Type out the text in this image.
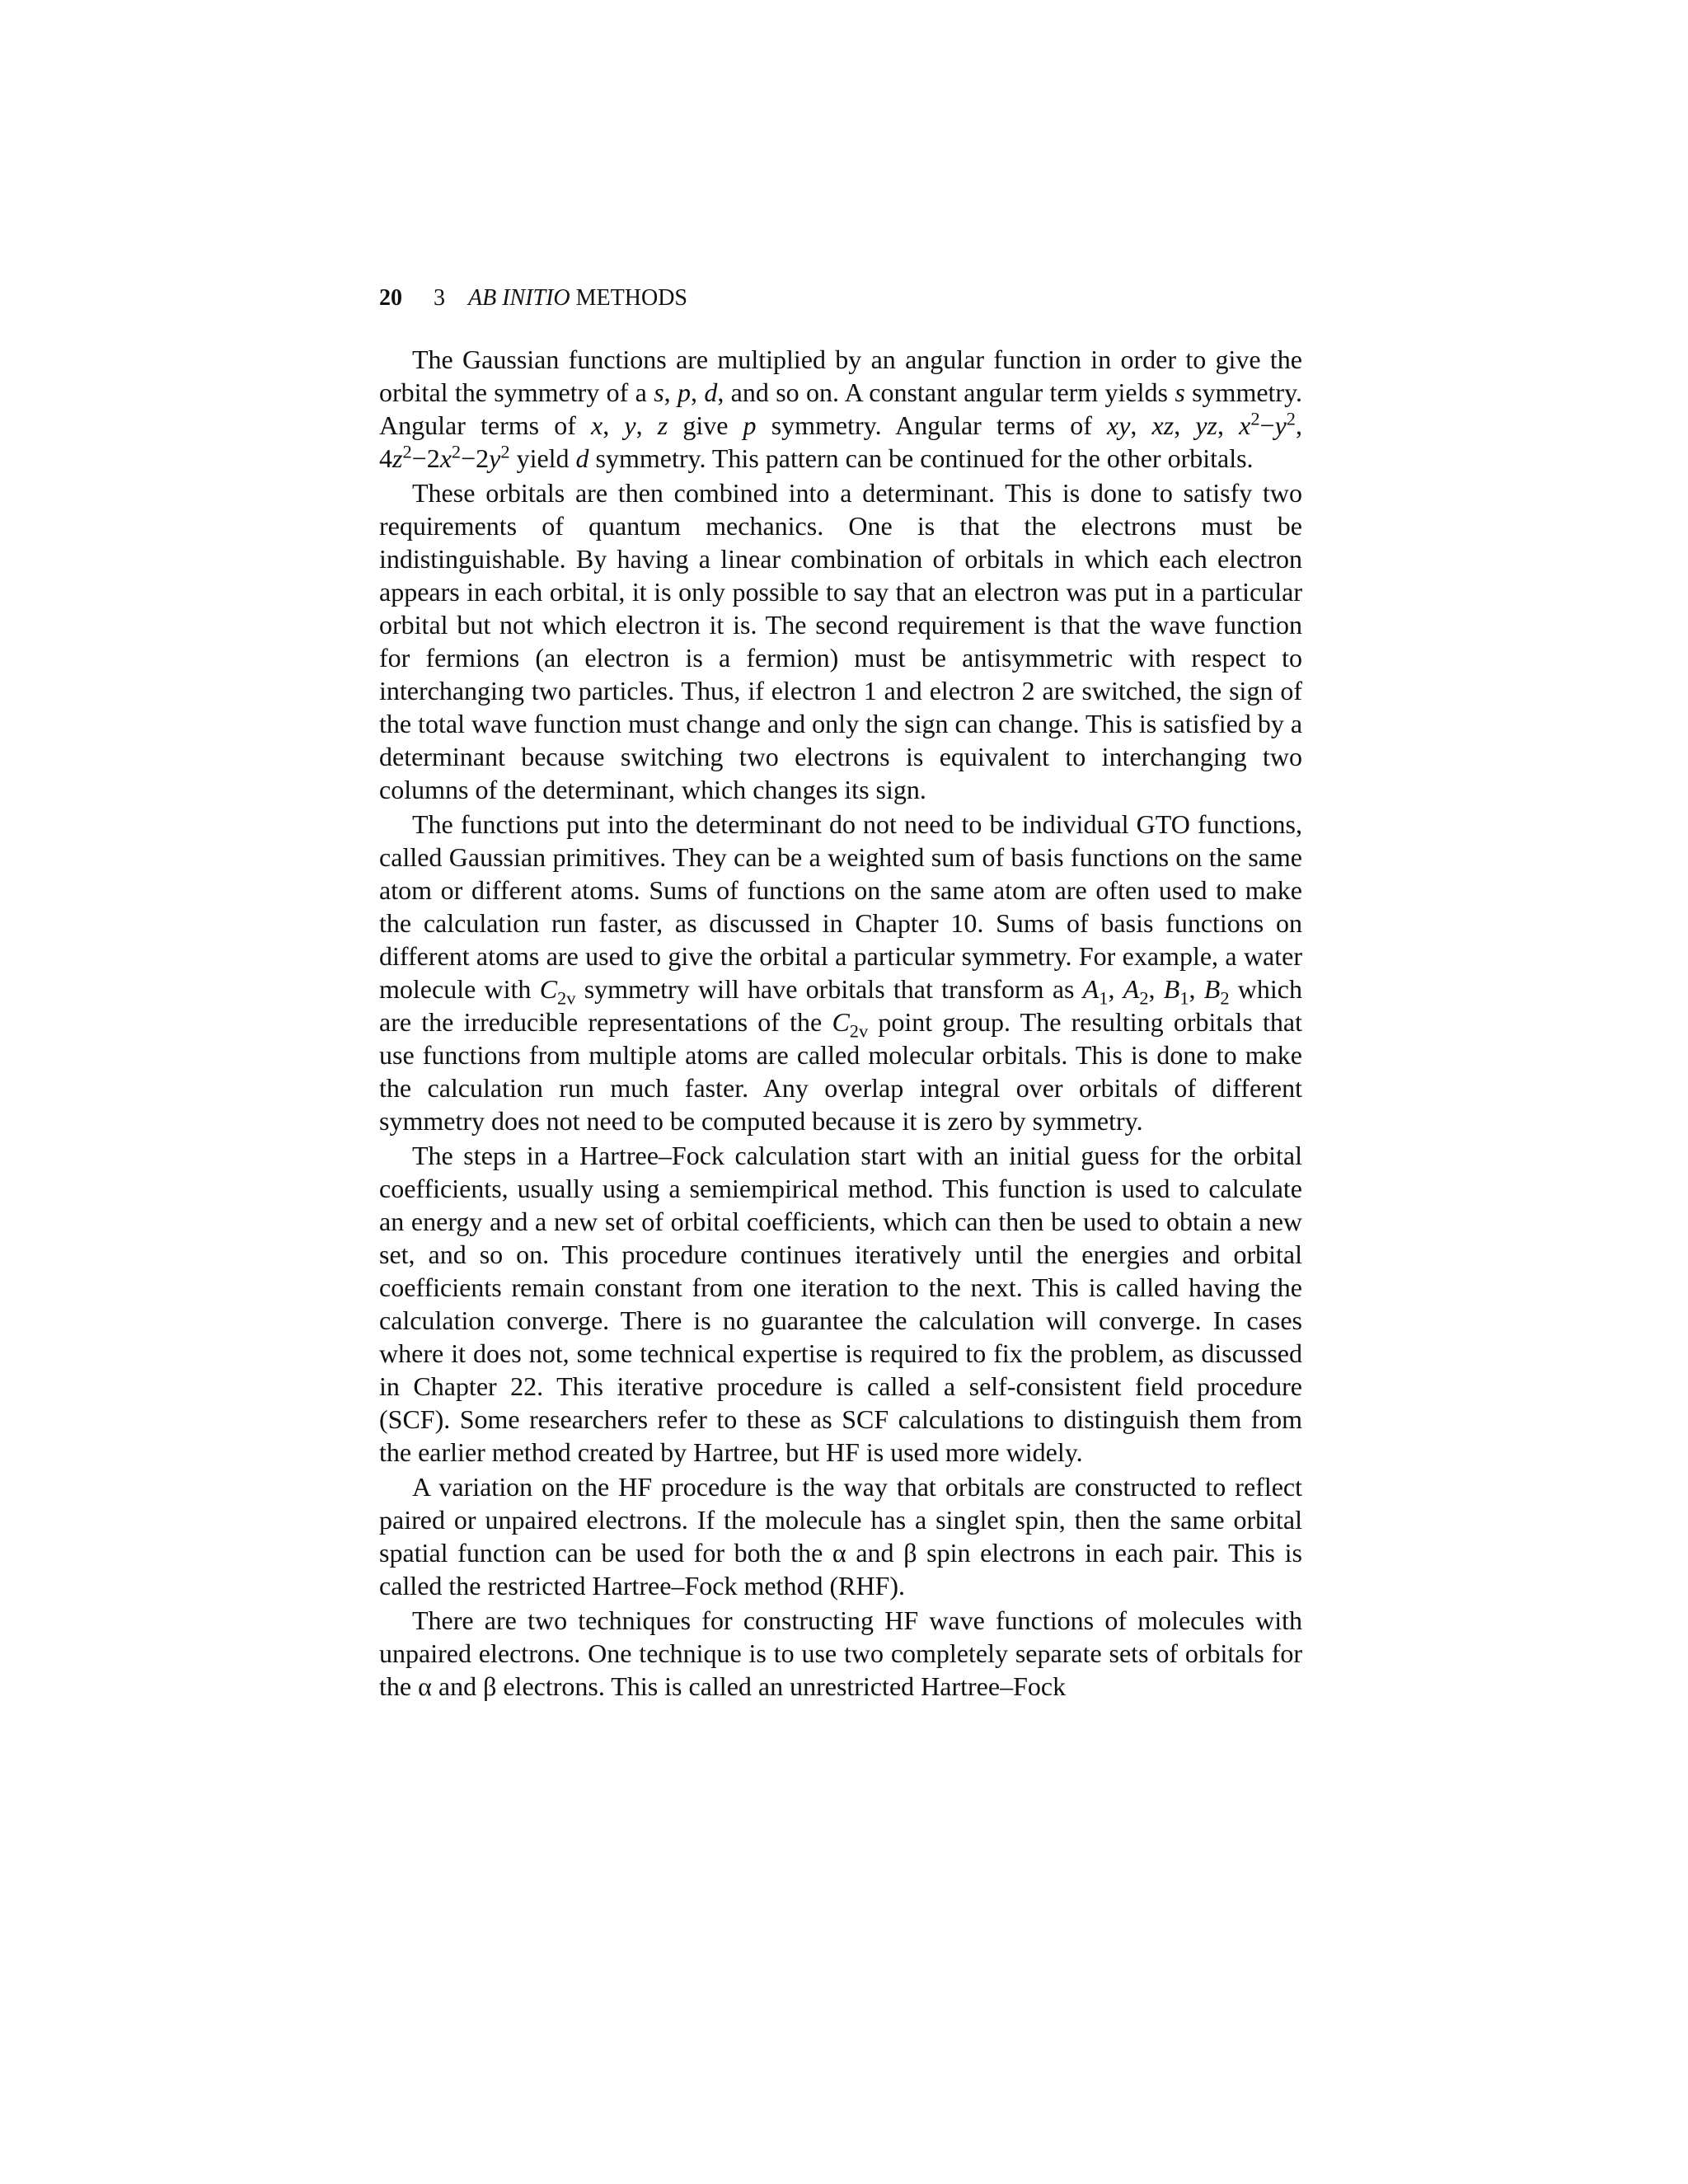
20 3 AB INITIO METHODS

The Gaussian functions are multiplied by an angular function in order to give the orbital the symmetry of a s, p, d, and so on. A constant angular term yields s symmetry. Angular terms of x, y, z give p symmetry. Angular terms of xy, xz, yz, $x^2-y^2$, $4z^2-2x^2-2y^2$ yield d symmetry. This pattern can be continued for the other orbitals.

These orbitals are then combined into a determinant. This is done to satisfy two requirements of quantum mechanics. One is that the electrons must be indistinguishable. By having a linear combination of orbitals in which each electron appears in each orbital, it is only possible to say that an electron was put in a particular orbital but not which electron it is. The second requirement is that the wave function for fermions (an electron is a fermion) must be antisymmetric with respect to interchanging two particles. Thus, if electron 1 and electron 2 are switched, the sign of the total wave function must change and only the sign can change. This is satisfied by a determinant because switching two electrons is equivalent to interchanging two columns of the determinant, which changes its sign.

The functions put into the determinant do not need to be individual GTO functions, called Gaussian primitives. They can be a weighted sum of basis functions on the same atom or different atoms. Sums of functions on the same atom are often used to make the calculation run faster, as discussed in Chapter 10. Sums of basis functions on different atoms are used to give the orbital a particular symmetry. For example, a water molecule with $C_{2v}$ symmetry will have orbitals that transform as $A_1$, $A_2$, $B_1$, $B_2$ which are the irreducible representations of the $C_{2v}$ point group. The resulting orbitals that use functions from multiple atoms are called molecular orbitals. This is done to make the calculation run much faster. Any overlap integral over orbitals of different symmetry does not need to be computed because it is zero by symmetry.

The steps in a Hartree–Fock calculation start with an initial guess for the orbital coefficients, usually using a semiempirical method. This function is used to calculate an energy and a new set of orbital coefficients, which can then be used to obtain a new set, and so on. This procedure continues iteratively until the energies and orbital coefficients remain constant from one iteration to the next. This is called having the calculation converge. There is no guarantee the calculation will converge. In cases where it does not, some technical expertise is required to fix the problem, as discussed in Chapter 22. This iterative procedure is called a self-consistent field procedure (SCF). Some researchers refer to these as SCF calculations to distinguish them from the earlier method created by Hartree, but HF is used more widely.

A variation on the HF procedure is the way that orbitals are constructed to reflect paired or unpaired electrons. If the molecule has a singlet spin, then the same orbital spatial function can be used for both the α and β spin electrons in each pair. This is called the restricted Hartree–Fock method (RHF).

There are two techniques for constructing HF wave functions of molecules with unpaired electrons. One technique is to use two completely separate sets of orbitals for the α and β electrons. This is called an unrestricted Hartree–Fock
